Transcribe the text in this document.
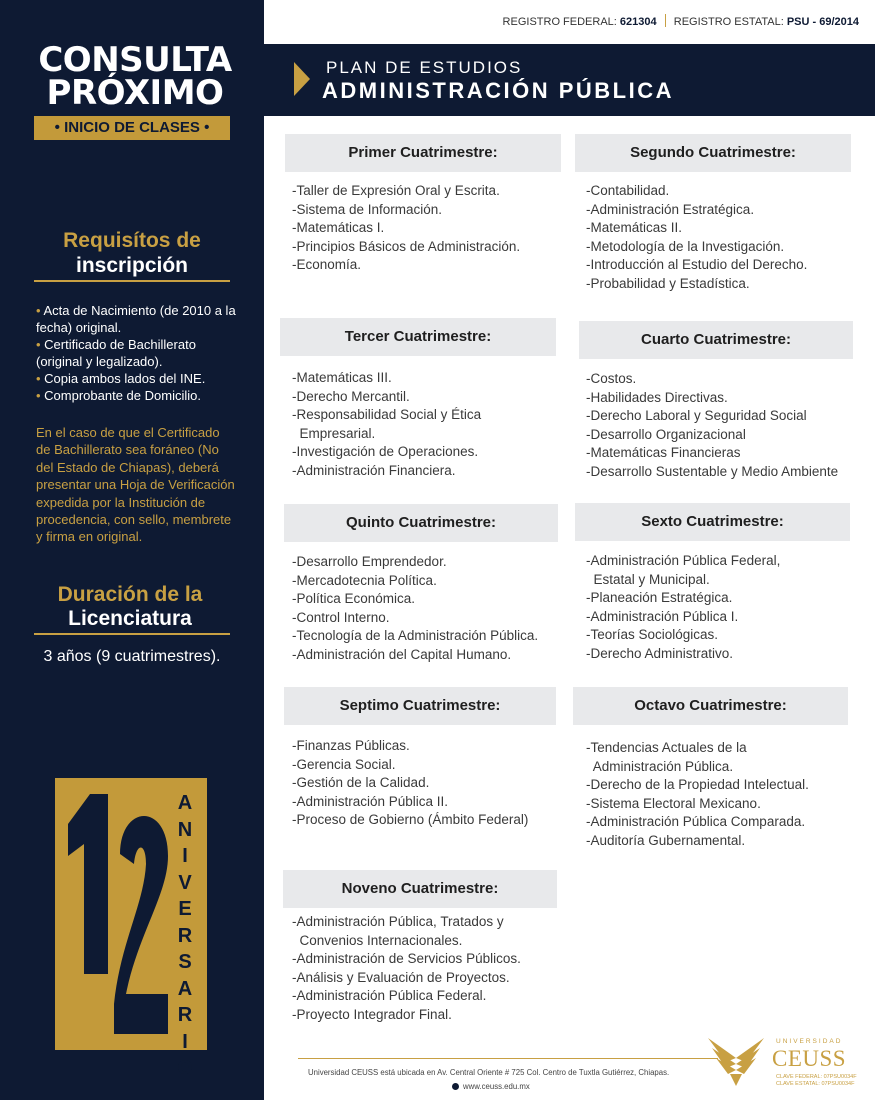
CONSULTA
PRÓXIMO
• INICIO DE CLASES •
Requisítos de
inscripción
• Acta de Nacimiento (de 2010 a la fecha) original.
• Certificado de Bachillerato (original y legalizado).
• Copia ambos lados del INE.
• Comprobante de Domicilio.
En el caso de que el Certificado de Bachillerato sea foráneo (No del Estado de Chiapas), deberá presentar una Hoja de Verificación expedida por la Institución de procedencia, con sello, membrete y firma en original.
Duración de la
Licenciatura
3 años (9 cuatrimestres).
A
N
I
V
E
R
S
A
R
I
O
REGISTRO FEDERAL: 621304 REGISTRO ESTATAL: PSU - 69/2014
PLAN DE ESTUDIOS
ADMINISTRACIÓN PÚBLICA
Primer Cuatrimestre:
-Taller de Expresión Oral y Escrita.
-Sistema de Información.
-Matemáticas I.
-Principios Básicos de Administración.
-Economía.
Segundo Cuatrimestre:
-Contabilidad.
-Administración Estratégica.
-Matemáticas II.
-Metodología de la Investigación.
-Introducción al Estudio del Derecho.
-Probabilidad y Estadística.
Tercer Cuatrimestre:
-Matemáticas III.
-Derecho Mercantil.
-Responsabilidad Social y Ética
Empresarial.
-Investigación de Operaciones.
-Administración Financiera.
Cuarto Cuatrimestre:
-Costos.
-Habilidades Directivas.
-Derecho Laboral y Seguridad Social
-Desarrollo Organizacional
-Matemáticas Financieras
-Desarrollo Sustentable y Medio Ambiente
Quinto Cuatrimestre:
-Desarrollo Emprendedor.
-Mercadotecnia Política.
-Política Económica.
-Control Interno.
-Tecnología de la Administración Pública.
-Administración del Capital Humano.
Sexto Cuatrimestre:
-Administración Pública Federal,
Estatal y Municipal.
-Planeación Estratégica.
-Administración Pública I.
-Teorías Sociológicas.
-Derecho Administrativo.
Septimo Cuatrimestre:
-Finanzas Públicas.
-Gerencia Social.
-Gestión de la Calidad.
-Administración Pública II.
-Proceso de Gobierno (Ámbito Federal)
Octavo Cuatrimestre:
-Tendencias Actuales de la
Administración Pública.
-Derecho de la Propiedad Intelectual.
-Sistema Electoral Mexicano.
-Administración Pública Comparada.
-Auditoría Gubernamental.
Noveno Cuatrimestre:
-Administración Pública, Tratados y
Convenios Internacionales.
-Administración de Servicios Públicos.
-Análisis y Evaluación de Proyectos.
-Administración Pública Federal.
-Proyecto Integrador Final.
Universidad CEUSS está ubicada en Av. Central Oriente # 725 Col. Centro de Tuxtla Gutiérrez, Chiapas.
www.ceuss.edu.mx
UNIVERSIDAD
CEUSS
CLAVE FEDERAL: 07PSU0034F
CLAVE ESTATAL: 07PSU0034F
